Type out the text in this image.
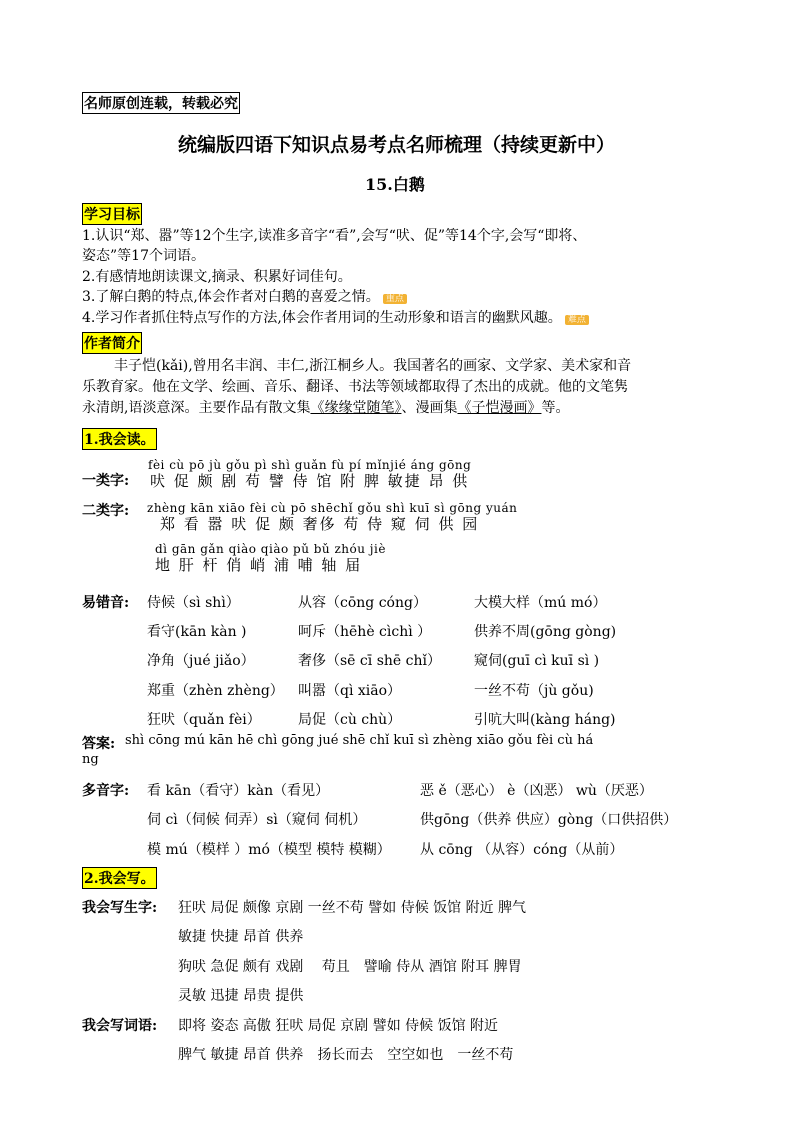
名师原创连载，转载必究
统编版四语下知识点易考点名师梳理（持续更新中）
15.白鹅
学习目标
1.认识“郑、嚣”等12个生字,读准多音字“看”,会写“吠、促”等14个字,会写“即将、
姿态”等17个词语。
2.有感情地朗读课文,摘录、积累好词佳句。
3.了解白鹅的特点,体会作者对白鹅的喜爱之情。 重点
4.学习作者抓住特点写作的方法,体会作者用词的生动形象和语言的幽默风趣。 难点
作者简介
丰子恺(kǎi),曾用名丰润、丰仁,浙江桐乡人。我国著名的画家、文学家、美术家和音
乐教育家。他在文学、绘画、音乐、翻译、书法等领域都取得了杰出的成就。他的文笔隽
永清朗,语淡意深。主要作品有散文集《缘缘堂随笔》、漫画集《子恺漫画》等。
1.我会读。
fèi cù pō jù gǒu pì shì guǎn fù pí mǐnjié áng gōng
一类字: 吠 促 颇 剧 苟 譬 侍 馆 附 脾 敏捷 昂 供
二类字: zhèng kān xiāo fèi cù pō shēchǐ gǒu shì kuī sì gōng yuán
郑 看 嚣 吠 促 颇 奢侈 苟 侍 窥 伺 供 园
dì gān gǎn qiào qiào pǔ bǔ zhóu jiè
地 肝 杆 俏 峭 浦 哺 轴 届
易错音: 侍候（sì shì）	从容（cōng cóng）	大模大样（mú mó）
看守(kān kàn )	呵斥（hēhè cìchì ）	供养不周(gōng gòng)
净角（jué jiǎo）	奢侈（sē cī shē chǐ） 窥伺(guī cì kuī sì )
郑重（zhèn zhèng） 叫嚣（qì xiāo）	一丝不苟（jù gǒu)
狂吠（quǎn fèi）	局促（cù chù）	引吭大叫(kàng háng)
答案: shì cōng mú kān hē chì gōng jué shē chǐ kuī sì zhèng xiāo gǒu fèi cù há
ng
多音字: 看 kān（看守）kàn（看见）	恶 ě（恶心） è（凶恶） wù（厌恶）
伺 cì（伺候 伺弄）sì（窥伺 伺机）	供gōng（供养 供应）gòng（口供招供）
模 mú（模样 ）mó（模型 模特 模糊） 从 cōng （从容）cóng（从前）
2.我会写。
我会写生字: 狂吠 局促 颇像 京剧 一丝不苟 譬如 侍候 饭馆 附近 脾气
敏捷 快捷 昂首 供养
狗吠 急促 颇有 戏剧 　苟且　譬喻 侍从 酒馆 附耳 脾胃
灵敏 迅捷 昂贵 提供
我会写词语: 即将 姿态 高傲 狂吠 局促 京剧 譬如 侍候 饭馆 附近
脾气 敏捷 昂首 供养　扬长而去　空空如也　一丝不苟
